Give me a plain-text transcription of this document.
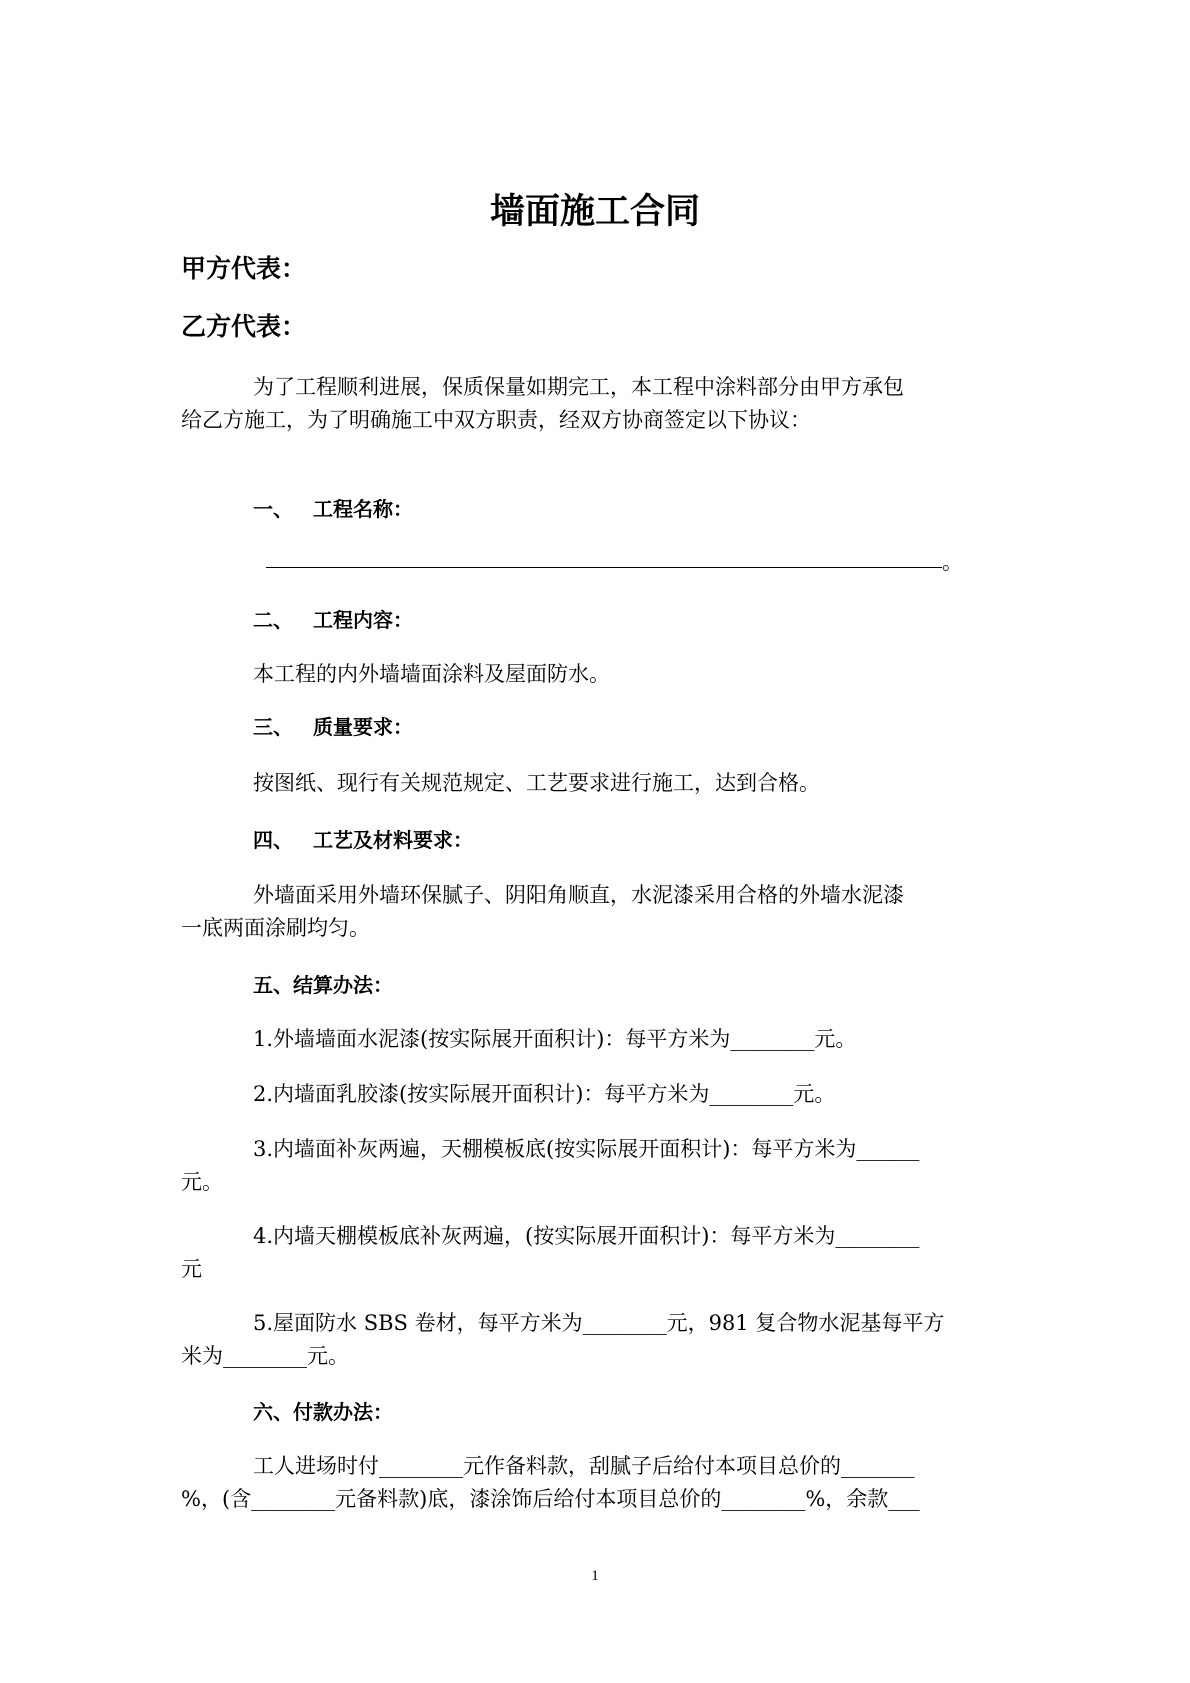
墙面施工合同
甲方代表：
乙方代表：
为了工程顺利进展，保质保量如期完工，本工程中涂料部分由甲方承包
给乙方施工，为了明确施工中双方职责，经双方协商签定以下协议：
一、 工程名称：
。
二、 工程内容：
本工程的内外墙墙面涂料及屋面防水。
三、 质量要求：
按图纸、现行有关规范规定、工艺要求进行施工，达到合格。
四、 工艺及材料要求：
外墙面采用外墙环保腻子、阴阳角顺直，水泥漆采用合格的外墙水泥漆
一底两面涂刷均匀。
五、结算办法：
1.外墙墙面水泥漆(按实际展开面积计)：每平方米为________元。
2.内墙面乳胶漆(按实际展开面积计)：每平方米为________元。
3.内墙面补灰两遍，天棚模板底(按实际展开面积计)：每平方米为______
元。
4.内墙天棚模板底补灰两遍，(按实际展开面积计)：每平方米为________
元
5.屋面防水 SBS 卷材，每平方米为________元，981 复合物水泥基每平方
米为________元。
六、付款办法：
工人进场时付________元作备料款，刮腻子后给付本项目总价的_______
%，(含________元备料款)底，漆涂饰后给付本项目总价的________%，余款___
1
